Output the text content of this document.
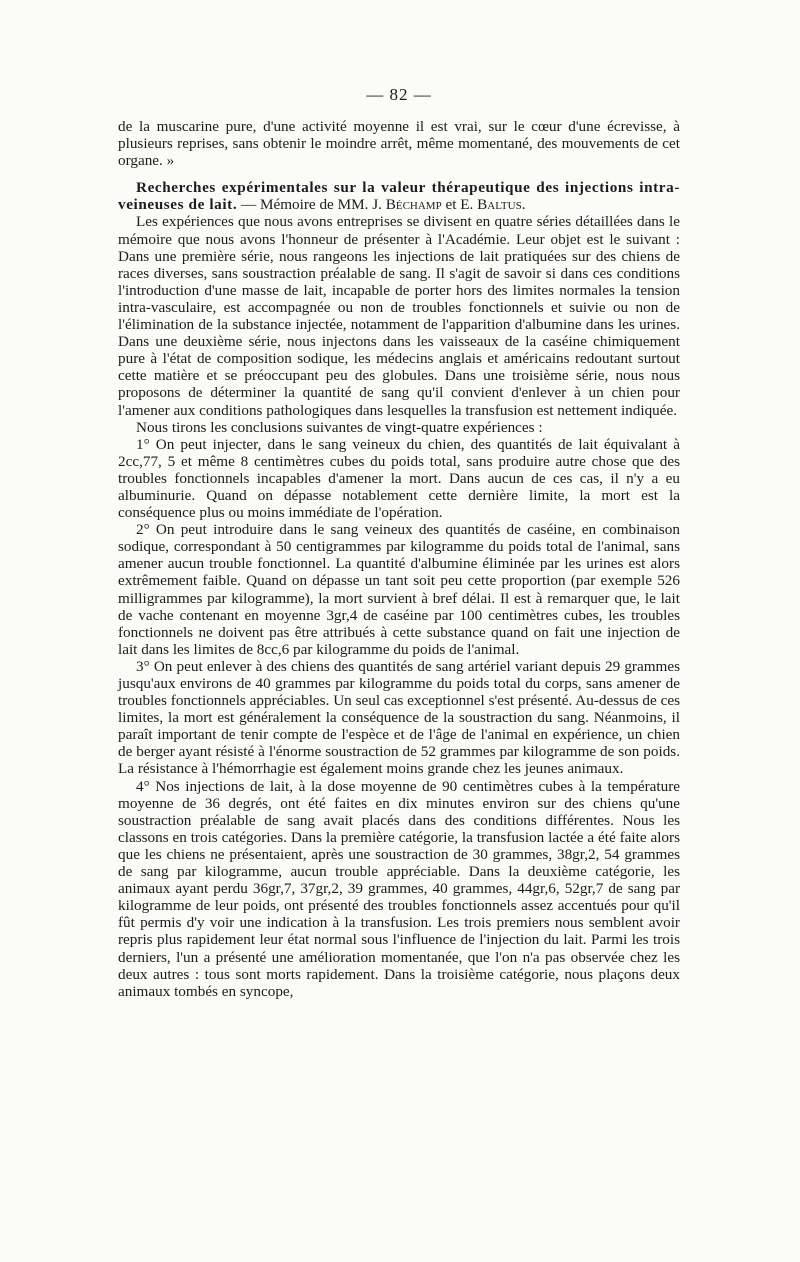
— 82 —

de la muscarine pure, d'une activité moyenne il est vrai, sur le cœur d'une écrevisse, à plusieurs reprises, sans obtenir le moindre arrêt, même momentané, des mouvements de cet organe. »

Recherches expérimentales sur la valeur thérapeutique des injections intra-veineuses de lait. — Mémoire de MM. J. Béchamp et E. Baltus.

Les expériences que nous avons entreprises se divisent en quatre séries détaillées dans le mémoire que nous avons l'honneur de présenter à l'Académie. Leur objet est le suivant : Dans une première série, nous rangeons les injections de lait pratiquées sur des chiens de races diverses, sans soustraction préalable de sang. Il s'agit de savoir si dans ces conditions l'introduction d'une masse de lait, incapable de porter hors des limites normales la tension intra-vasculaire, est accompagnée ou non de troubles fonctionnels et suivie ou non de l'élimination de la substance injectée, notamment de l'apparition d'albumine dans les urines. Dans une deuxième série, nous injectons dans les vaisseaux de la caséine chimiquement pure à l'état de composition sodique, les médecins anglais et américains redoutant surtout cette matière et se préoccupant peu des globules. Dans une troisième série, nous nous proposons de déterminer la quantité de sang qu'il convient d'enlever à un chien pour l'amener aux conditions pathologiques dans lesquelles la transfusion est nettement indiquée.

Nous tirons les conclusions suivantes de vingt-quatre expériences :

1° On peut injecter, dans le sang veineux du chien, des quantités de lait équivalant à 2cc,77, 5 et même 8 centimètres cubes du poids total, sans produire autre chose que des troubles fonctionnels incapables d'amener la mort. Dans aucun de ces cas, il n'y a eu albuminurie. Quand on dépasse notablement cette dernière limite, la mort est la conséquence plus ou moins immédiate de l'opération.

2° On peut introduire dans le sang veineux des quantités de caséine, en combinaison sodique, correspondant à 50 centigrammes par kilogramme du poids total de l'animal, sans amener aucun trouble fonctionnel. La quantité d'albumine éliminée par les urines est alors extrêmement faible. Quand on dépasse un tant soit peu cette proportion (par exemple 526 milligrammes par kilogramme), la mort survient à bref délai. Il est à remarquer que, le lait de vache contenant en moyenne 3gr,4 de caséine par 100 centimètres cubes, les troubles fonctionnels ne doivent pas être attribués à cette substance quand on fait une injection de lait dans les limites de 8cc,6 par kilogramme du poids de l'animal.

3° On peut enlever à des chiens des quantités de sang artériel variant depuis 29 grammes jusqu'aux environs de 40 grammes par kilogramme du poids total du corps, sans amener de troubles fonctionnels appréciables. Un seul cas exceptionnel s'est présenté. Au-dessus de ces limites, la mort est généralement la conséquence de la soustraction du sang. Néanmoins, il paraît important de tenir compte de l'espèce et de l'âge de l'animal en expérience, un chien de berger ayant résisté à l'énorme soustraction de 52 grammes par kilogramme de son poids. La résistance à l'hémorrhagie est également moins grande chez les jeunes animaux.

4° Nos injections de lait, à la dose moyenne de 90 centimètres cubes à la température moyenne de 36 degrés, ont été faites en dix minutes environ sur des chiens qu'une soustraction préalable de sang avait placés dans des conditions différentes. Nous les classons en trois catégories. Dans la première catégorie, la transfusion lactée a été faite alors que les chiens ne présentaient, après une soustraction de 30 grammes, 38gr,2, 54 grammes de sang par kilogramme, aucun trouble appréciable. Dans la deuxième catégorie, les animaux ayant perdu 36gr,7, 37gr,2, 39 grammes, 40 grammes, 44gr,6, 52gr,7 de sang par kilogramme de leur poids, ont présenté des troubles fonctionnels assez accentués pour qu'il fût permis d'y voir une indication à la transfusion. Les trois premiers nous semblent avoir repris plus rapidement leur état normal sous l'influence de l'injection du lait. Parmi les trois derniers, l'un a présenté une amélioration momentanée, que l'on n'a pas observée chez les deux autres : tous sont morts rapidement. Dans la troisième catégorie, nous plaçons deux animaux tombés en syncope,
